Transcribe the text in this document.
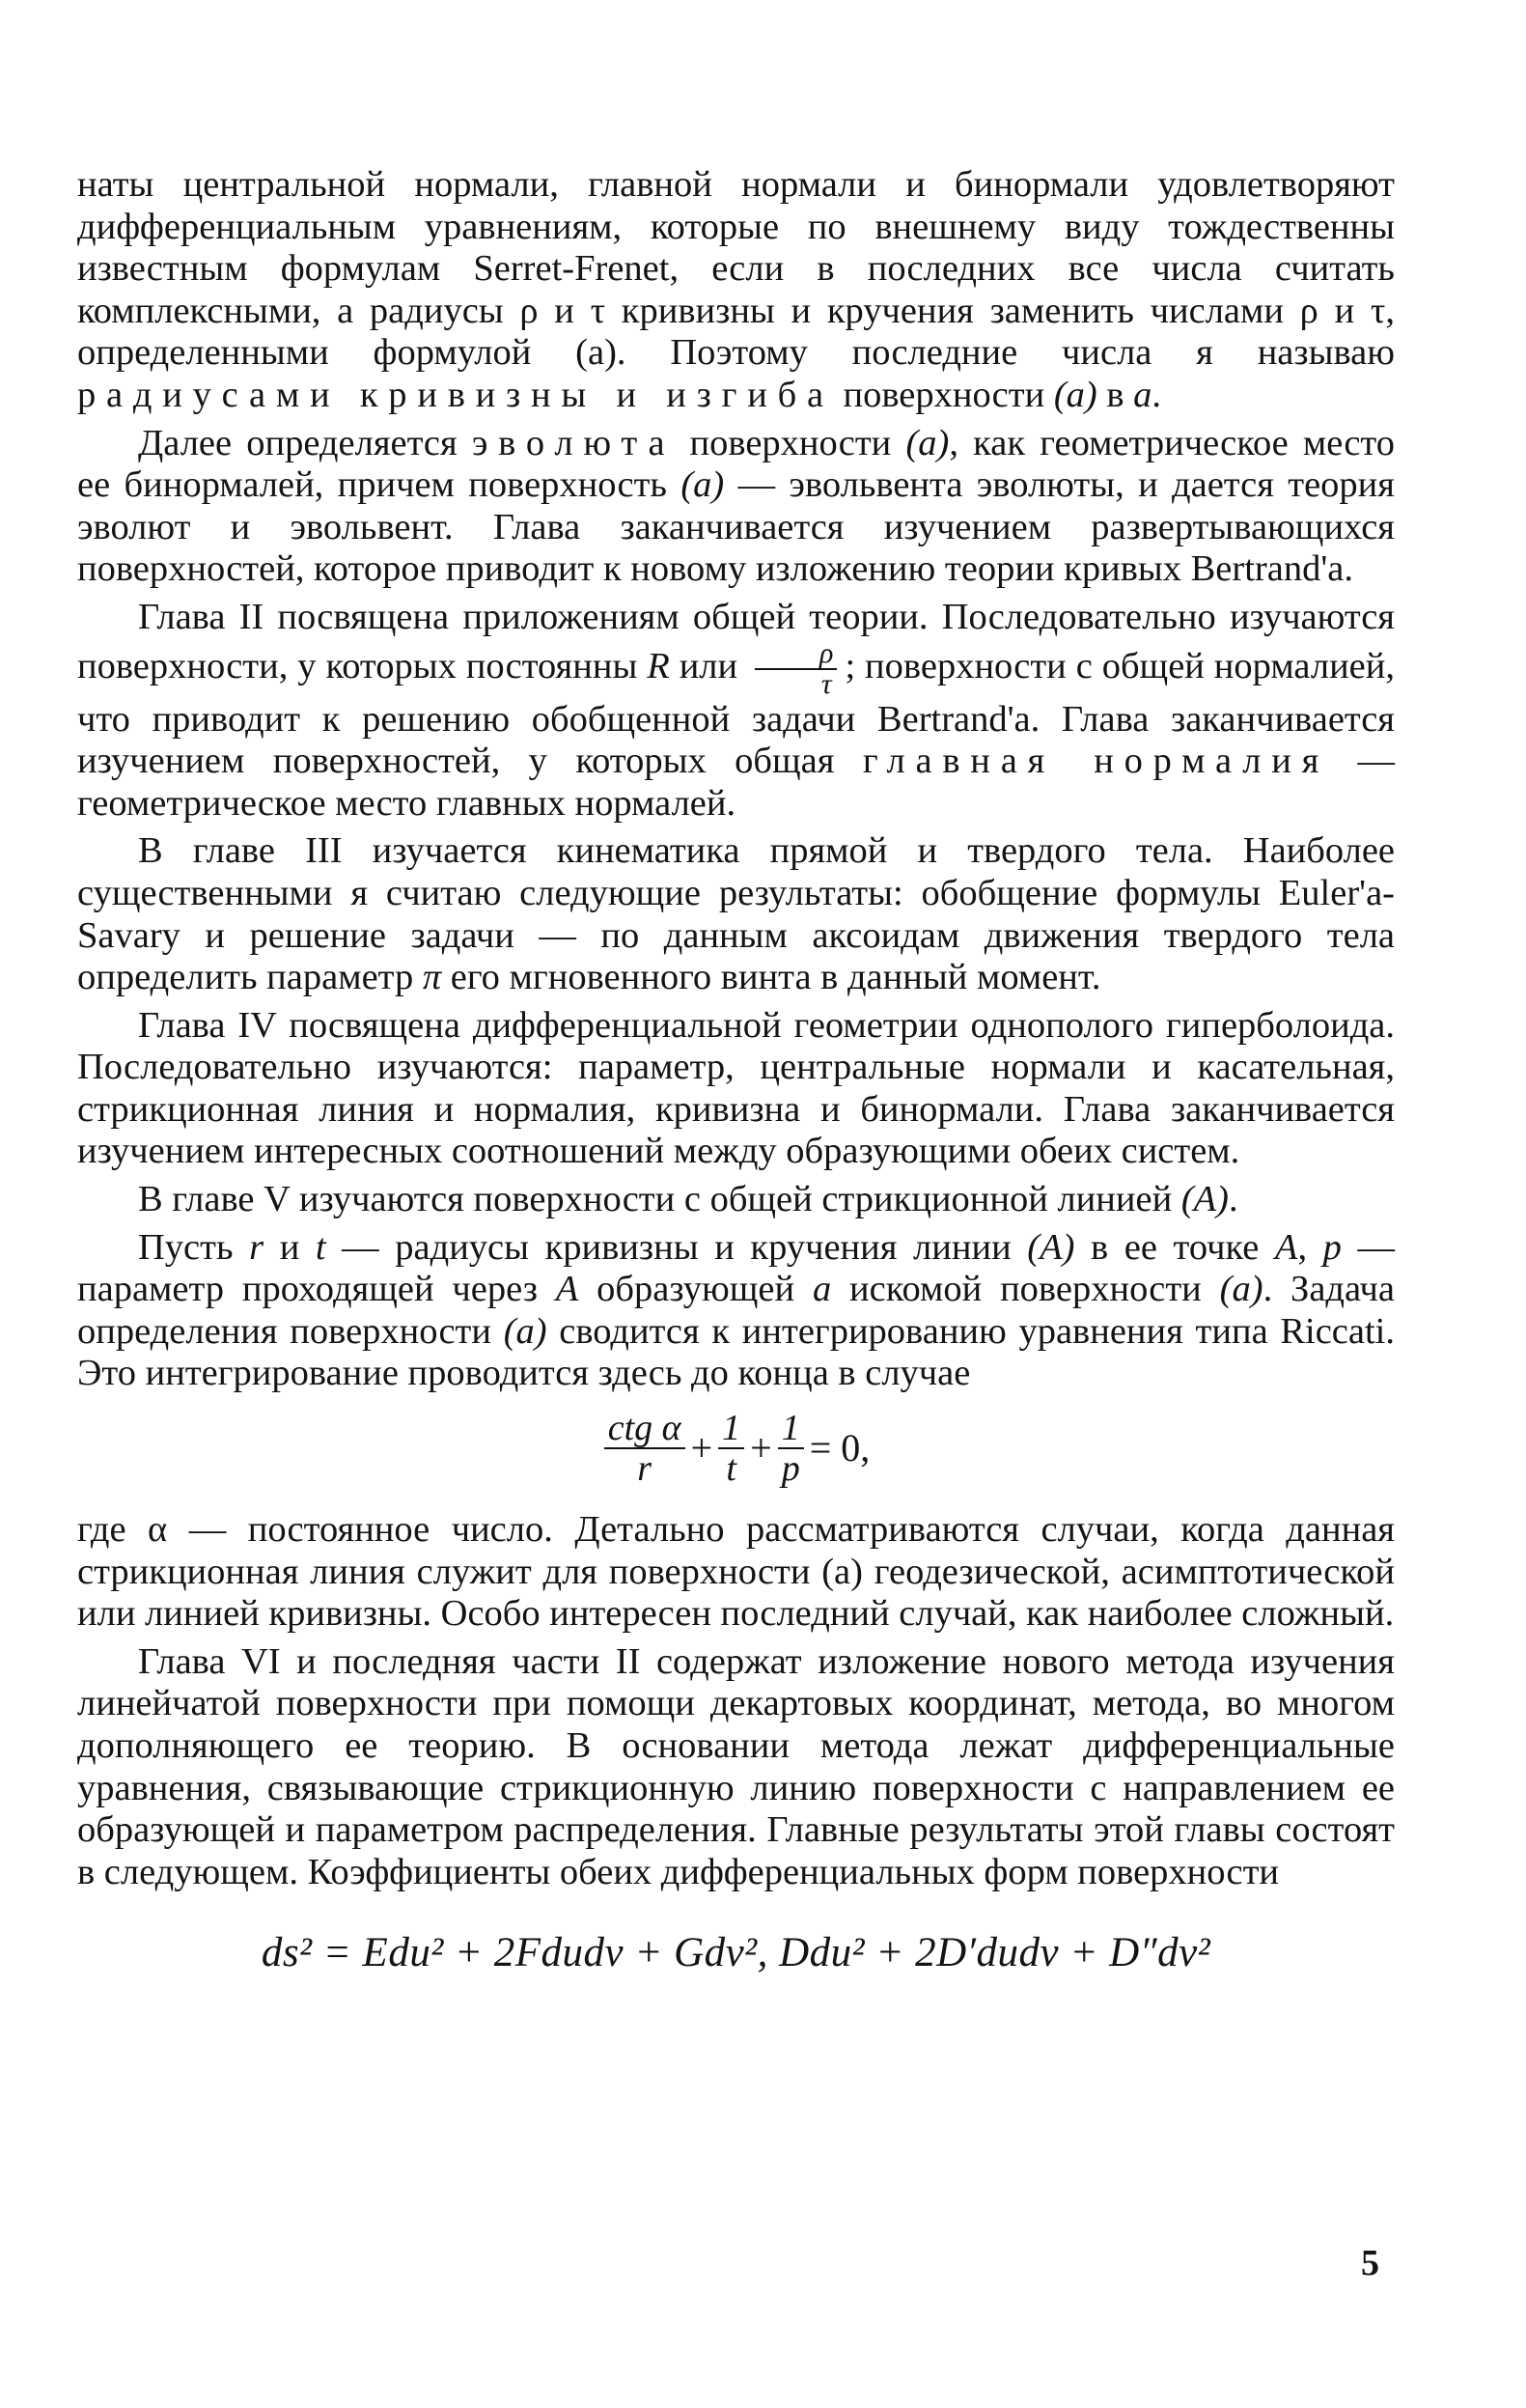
наты центральной нормали, главной нормали и бинормали удовлетворяют дифференциальным уравнениям, которые по внешнему виду тождественны известным формулам Serret-Frenet, если в последних все числа считать комплексными, а радиусы ρ и τ кривизны и кручения заменить числами ρ и τ, определенными формулой (a). Поэтому последние числа я называю радиусами кривизны и изгиба поверхности (a) в a.

Далее определяется эволюта поверхности (a), как геометрическое место ее бинормалей, причем поверхность (a) — эвольвента эволюты, и дается теория эволют и эвольвент. Глава заканчивается изучением развертывающихся поверхностей, которое приводит к новому изложению теории кривых Bertrand'a.

Глава II посвящена приложениям общей теории. Последовательно изучаются поверхности, у которых постоянны R или $\frac{\rho}{\tau}$ ; поверхности с общей нормалией, что приводит к решению обобщенной задачи Bertrand'a. Глава заканчивается изучением поверхностей, у которых общая главная нормалия — геометрическое место главных нормалей.

В главе III изучается кинематика прямой и твердого тела. Наиболее существенными я считаю следующие результаты: обобщение формулы Euler'a-Savary и решение задачи — по данным аксоидам движения твердого тела определить параметр π его мгновенного винта в данный момент.

Глава IV посвящена дифференциальной геометрии однополого гиперболоида. Последовательно изучаются: параметр, центральные нормали и касательная, стрикционная линия и нормалия, кривизна и бинормали. Глава заканчивается изучением интересных соотношений между образующими обеих систем.

В главе V изучаются поверхности с общей стрикционной линией (A).

Пусть r и t — радиусы кривизны и кручения линии (A) в ее точке A, p — параметр проходящей через A образующей a искомой поверхности (a). Задача определения поверхности (a) сводится к интегрированию уравнения типа Riccati. Это интегрирование проводится здесь до конца в случае

$\frac{\text{ctg α}}{r} + \frac{1}{t} + \frac{1}{p} = 0$,

где α — постоянное число. Детально рассматриваются случаи, когда данная стрикционная линия служит для поверхности (a) геодезической, асимптотической или линией кривизны. Особо интересен последний случай, как наиболее сложный.

Глава VI и последняя части II содержат изложение нового метода изучения линейчатой поверхности при помощи декартовых координат, метода, во многом дополняющего ее теорию. В основании метода лежат дифференциальные уравнения, связывающие стрикционную линию поверхности с направлением ее образующей и параметром распределения. Главные результаты этой главы состоят в следующем. Коэффициенты обеих дифференциальных форм поверхности

ds² = Edu² + 2Fdudv + Gdv², Ddu² + 2D′dudv + D″dv²
5
